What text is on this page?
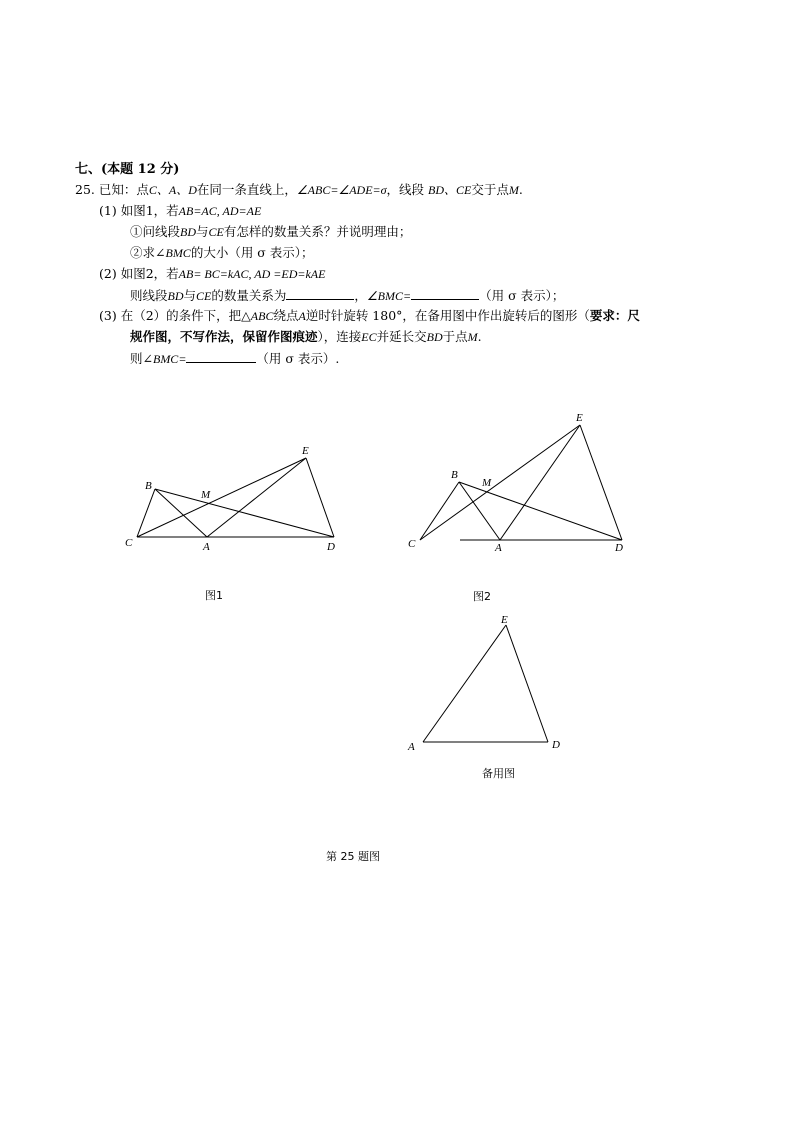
七、(本题 12 分)
25. 已知：点C、A、D在同一条直线上，∠ABC=∠ADE=σ，线段 BD、CE交于点M.
(1) 如图1，若AB=AC, AD=AE
①问线段BD与CE有怎样的数量关系？并说明理由；
②求∠BMC的大小（用 σ 表示）；
(2) 如图2，若AB= BC=kAC, AD =ED=kAE
则线段BD与CE的数量关系为	，∠BMC=	（用 σ 表示）；
(3) 在（2）的条件下，把△ABC绕点A逆时针旋转 180°，在备用图中作出旋转后的图形（要求：尺
规作图，不写作法，保留作图痕迹），连接EC并延长交BD于点M.
则∠BMC=	（用 σ 表示）.
B
M
E
C	A	D
B
M
E
C	A	D
E
A	D
图1	图2
备用图
第 25 题图
